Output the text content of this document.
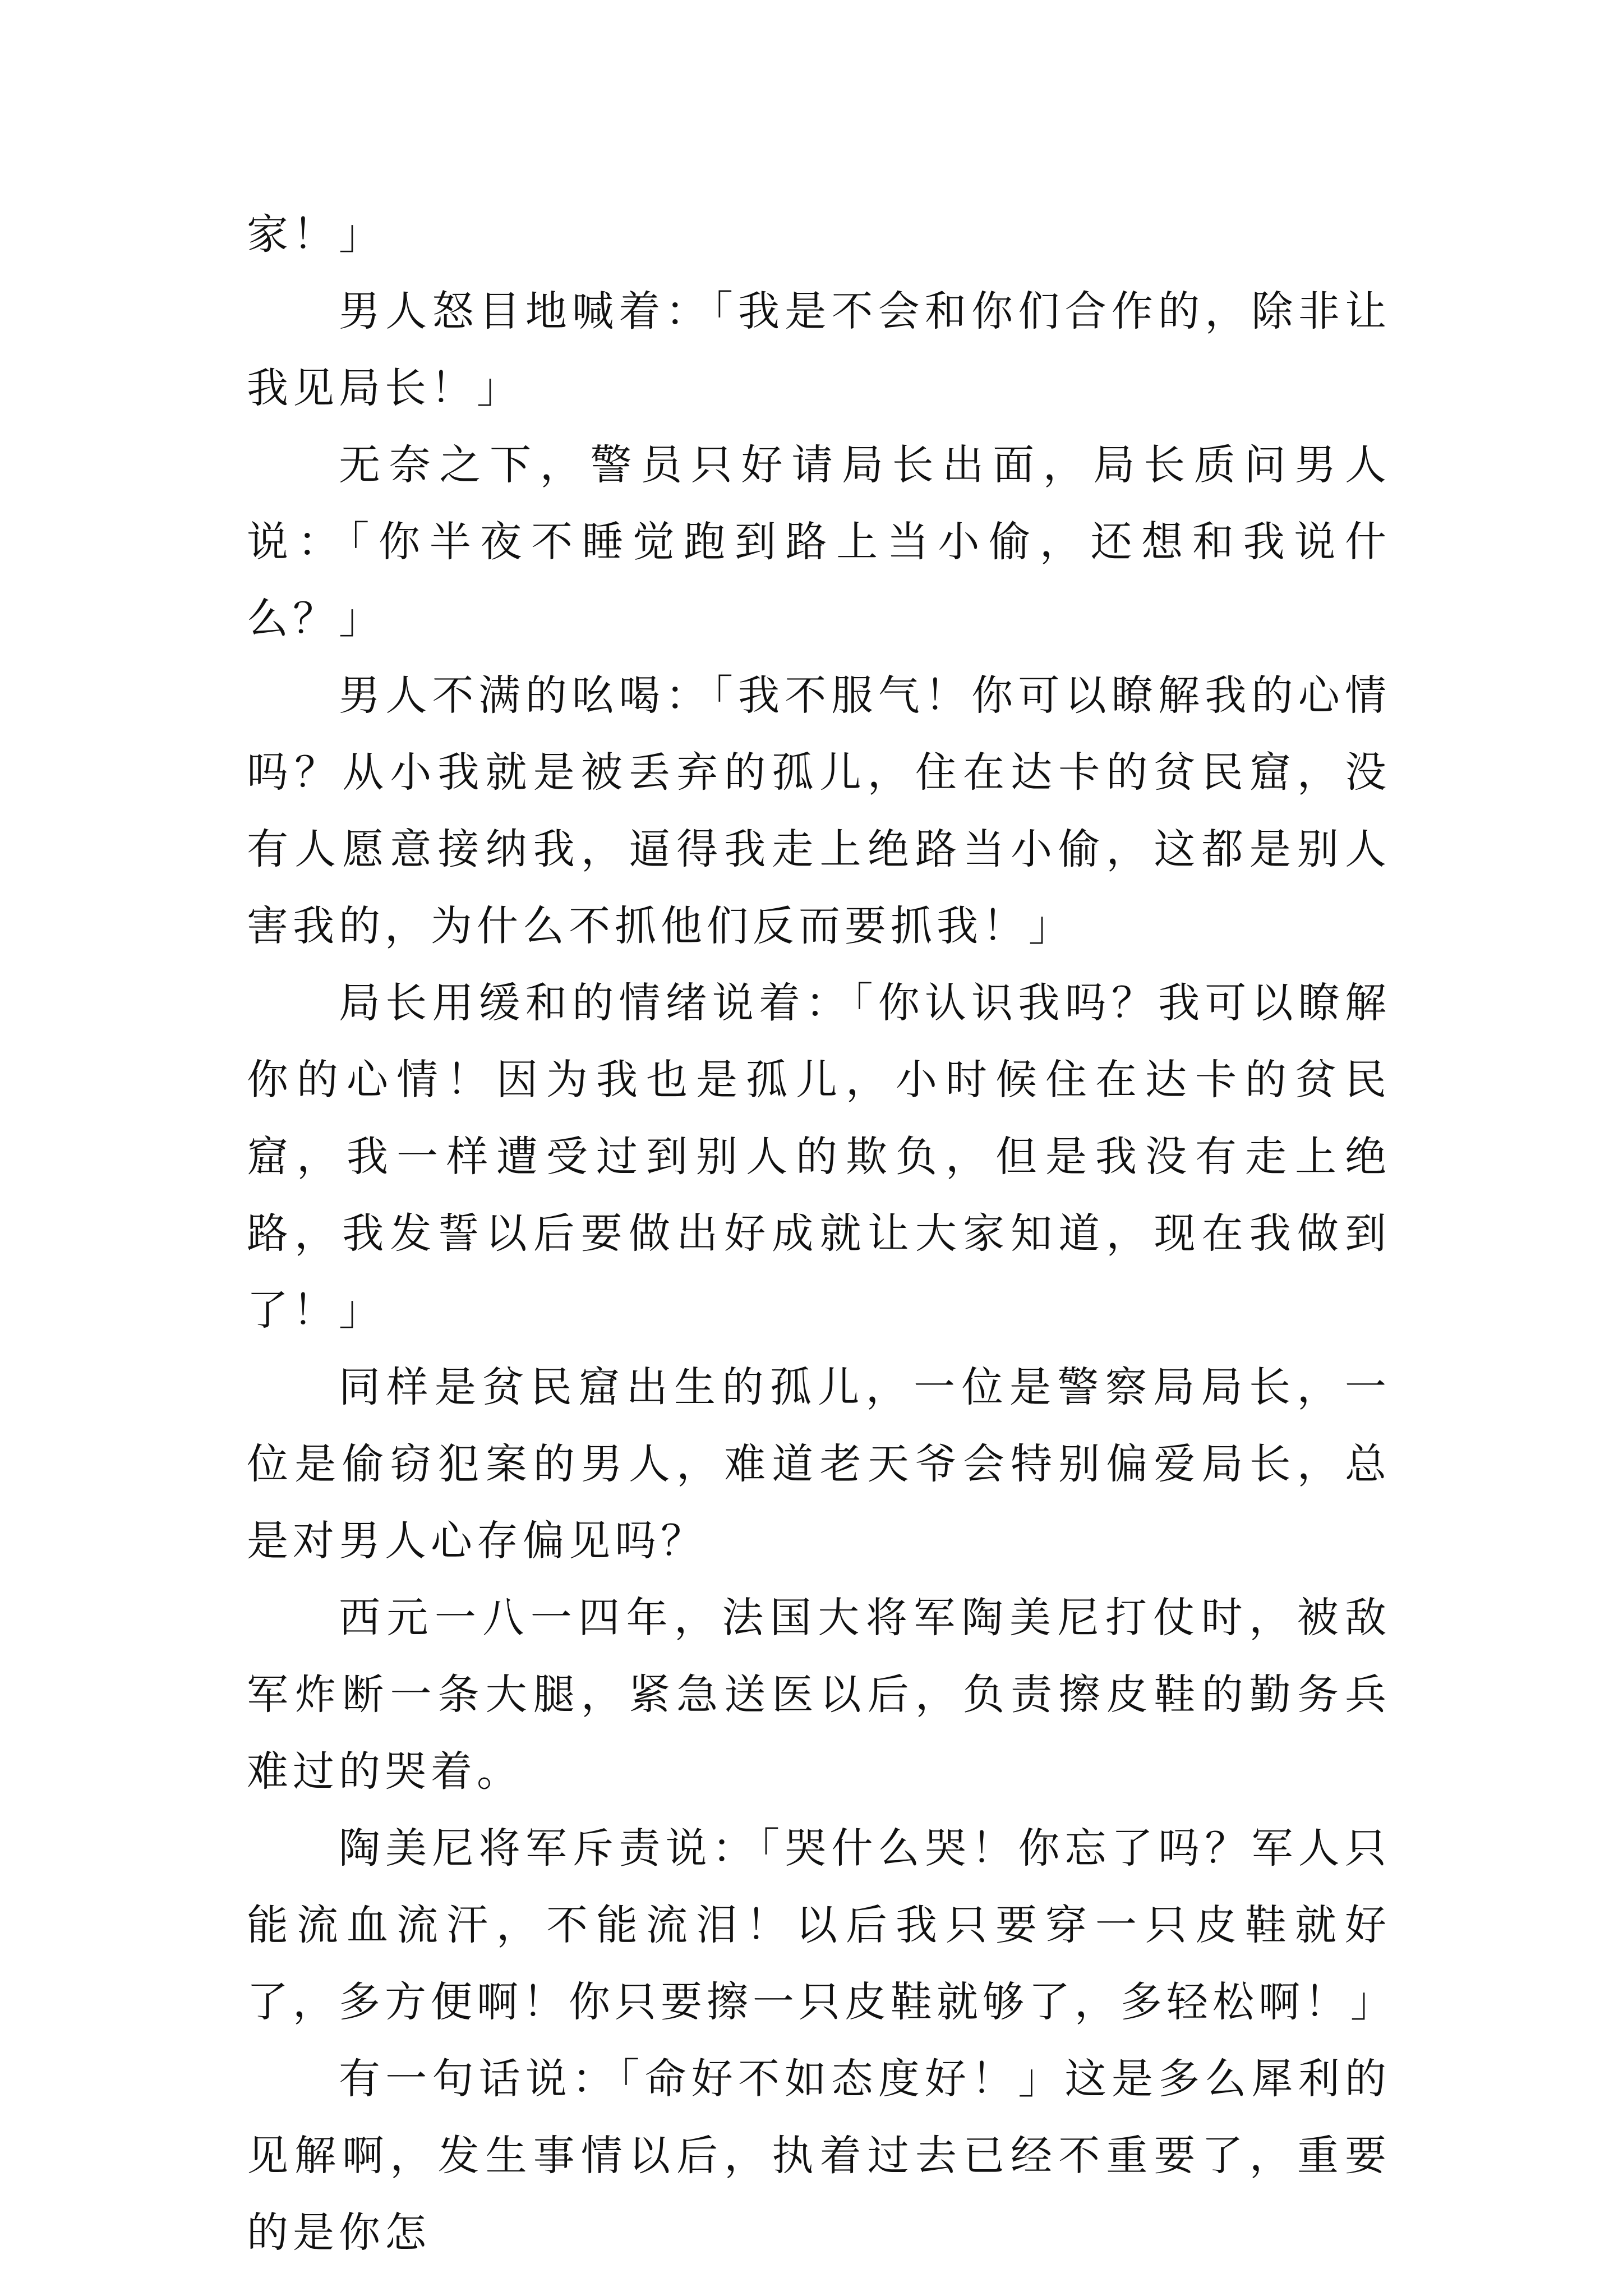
家！」

男人怒目地喊着：「我是不会和你们合作的，除非让我见局长！」

无奈之下，警员只好请局长出面，局长质问男人说：「你半夜不睡觉跑到路上当小偷，还想和我说什么？」

男人不满的吆喝：「我不服气！你可以瞭解我的心情吗？从小我就是被丢弃的孤儿，住在达卡的贫民窟，没有人愿意接纳我，逼得我走上绝路当小偷，这都是别人害我的，为什么不抓他们反而要抓我！」

局长用缓和的情绪说着：「你认识我吗？我可以瞭解你的心情！因为我也是孤儿，小时候住在达卡的贫民窟，我一样遭受过到别人的欺负，但是我没有走上绝路，我发誓以后要做出好成就让大家知道，现在我做到了！」

同样是贫民窟出生的孤儿，一位是警察局局长，一位是偷窃犯案的男人，难道老天爷会特别偏爱局长，总是对男人心存偏见吗？

西元一八一四年，法国大将军陶美尼打仗时，被敌军炸断一条大腿，紧急送医以后，负责擦皮鞋的勤务兵难过的哭着。

陶美尼将军斥责说：「哭什么哭！你忘了吗？军人只能流血流汗，不能流泪！以后我只要穿一只皮鞋就好了，多方便啊！你只要擦一只皮鞋就够了，多轻松啊！」

有一句话说：「命好不如态度好！」这是多么犀利的见解啊，发生事情以后，执着过去已经不重要了，重要的是你怎
